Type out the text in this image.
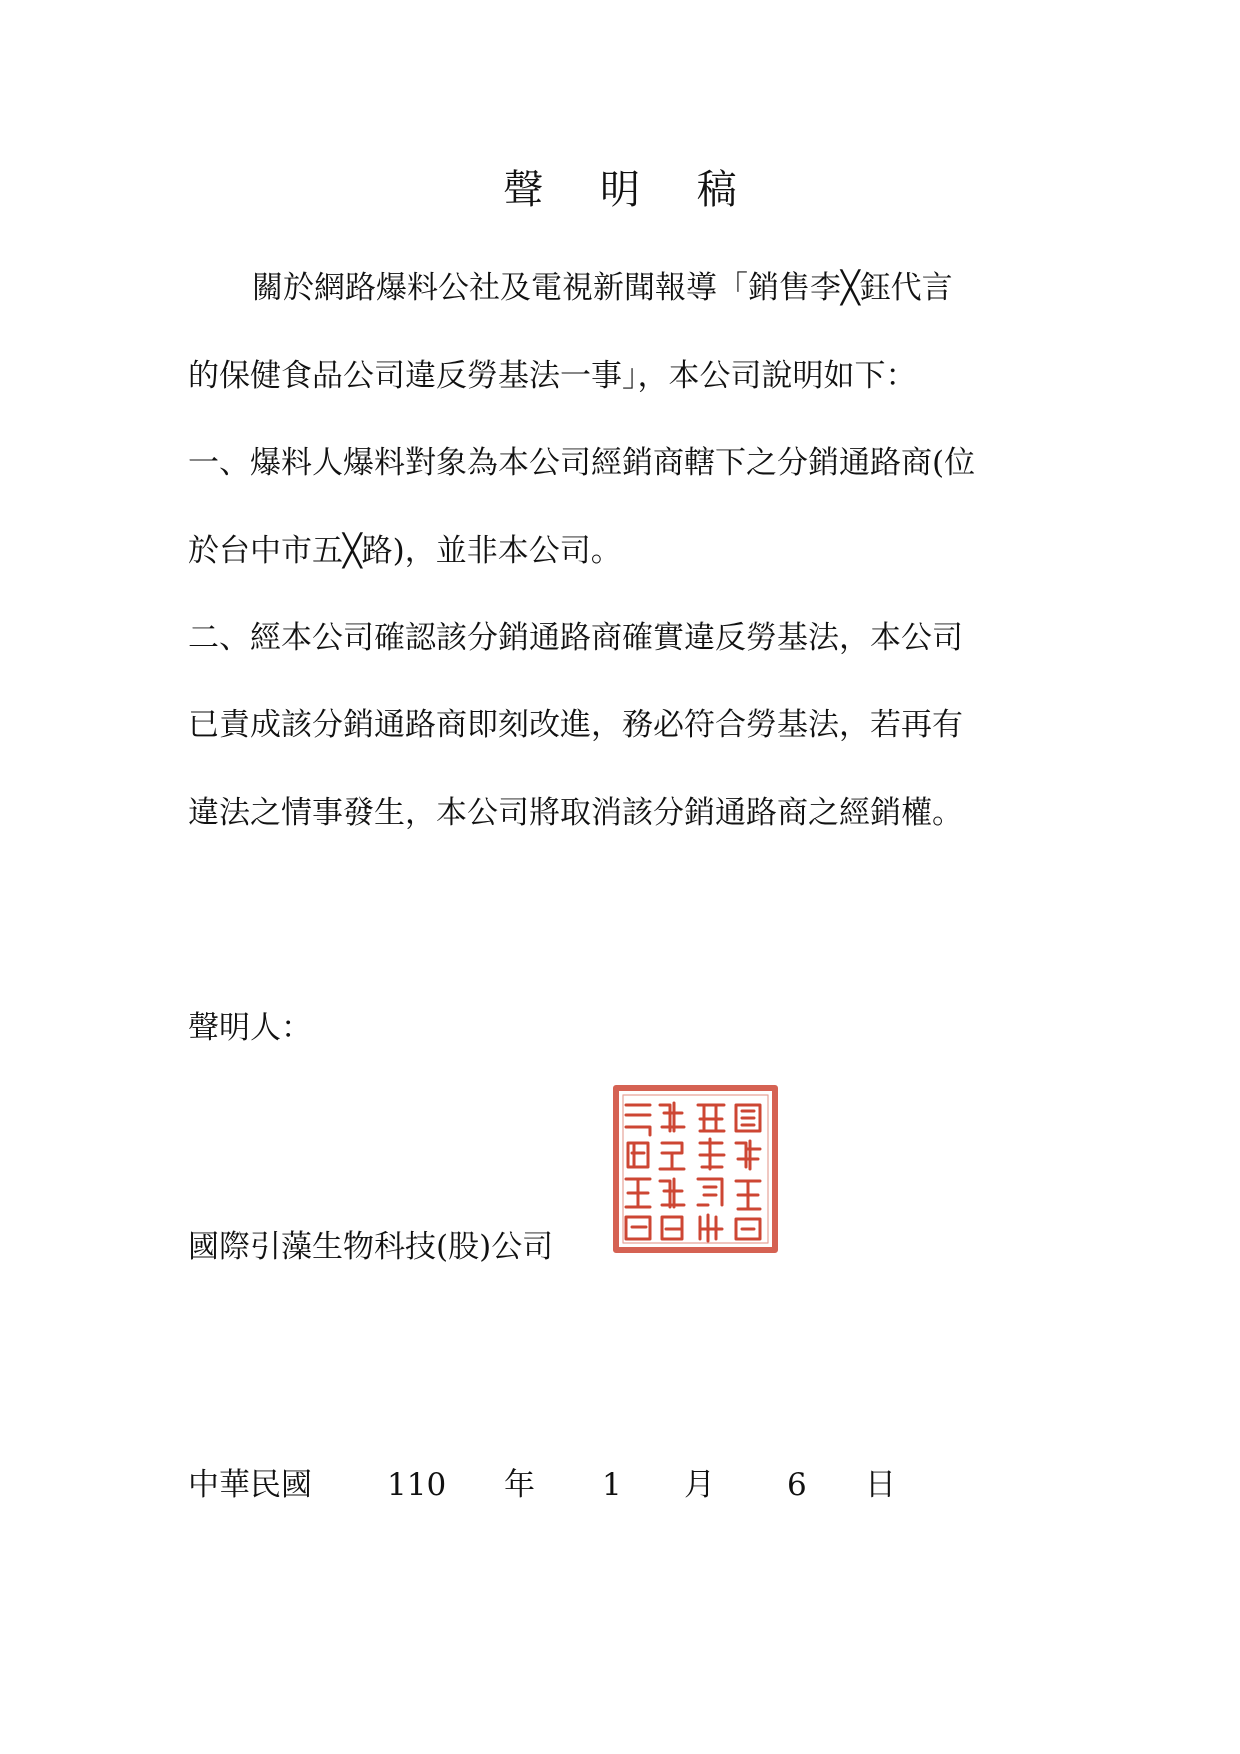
聲 明 稿
關於網路爆料公社及電視新聞報導「銷售李╳鈺代言
的保健食品公司違反勞基法一事」，本公司說明如下：
一、爆料人爆料對象為本公司經銷商轄下之分銷通路商(位
於台中市五╳路)，並非本公司。
二、經本公司確認該分銷通路商確實違反勞基法，本公司
已責成該分銷通路商即刻改進，務必符合勞基法，若再有
違法之情事發生，本公司將取消該分銷通路商之經銷權。
聲明人：
國際引藻生物科技(股)公司
中華民國 110 年 1 月 6 日
